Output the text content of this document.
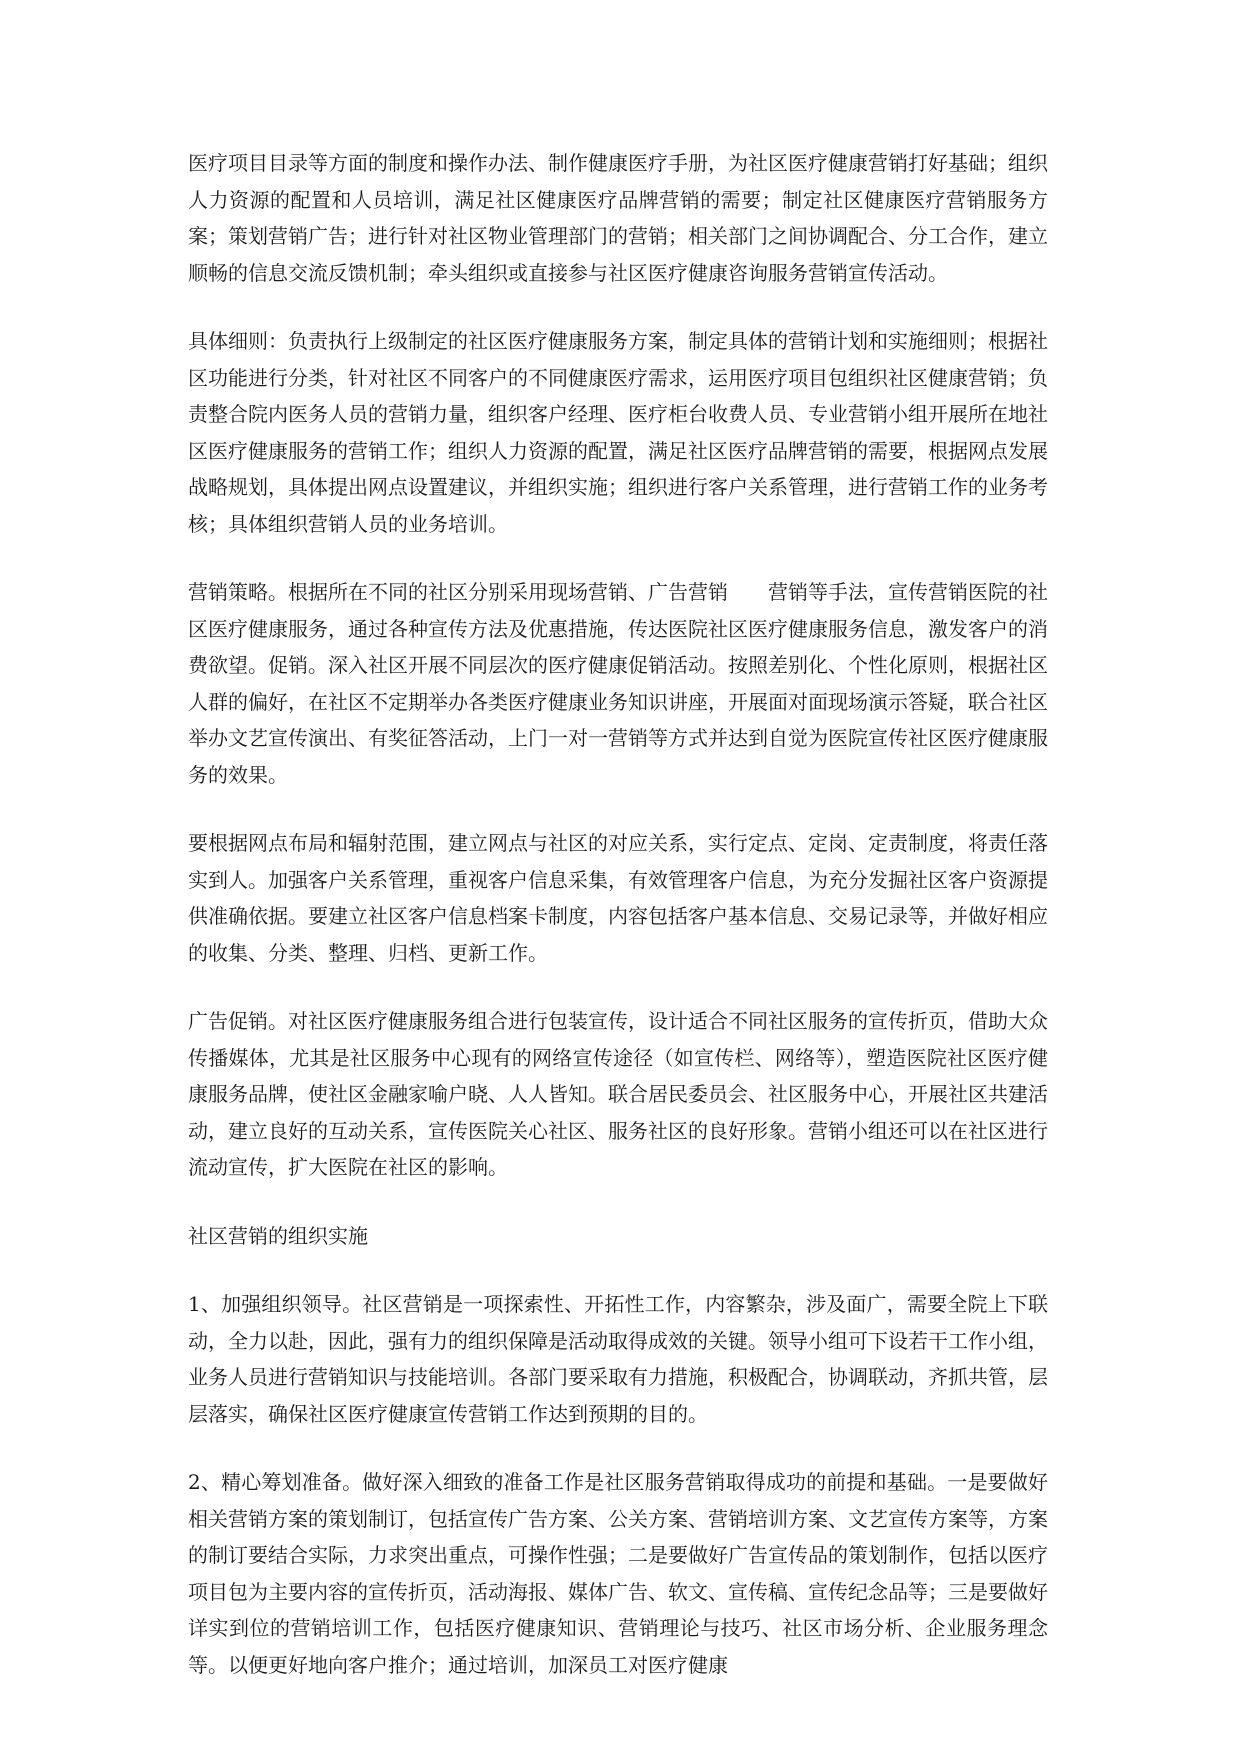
医疗项目目录等方面的制度和操作办法、制作健康医疗手册，为社区医疗健康营销打好基础；组织人力资源的配置和人员培训，满足社区健康医疗品牌营销的需要；制定社区健康医疗营销服务方案；策划营销广告；进行针对社区物业管理部门的营销；相关部门之间协调配合、分工合作，建立顺畅的信息交流反馈机制；牵头组织或直接参与社区医疗健康咨询服务营销宣传活动。

具体细则：负责执行上级制定的社区医疗健康服务方案，制定具体的营销计划和实施细则；根据社区功能进行分类，针对社区不同客户的不同健康医疗需求，运用医疗项目包组织社区健康营销；负责整合院内医务人员的营销力量，组织客户经理、医疗柜台收费人员、专业营销小组开展所在地社区医疗健康服务的营销工作；组织人力资源的配置，满足社区医疗品牌营销的需要，根据网点发展战略规划，具体提出网点设置建议，并组织实施；组织进行客户关系管理，进行营销工作的业务考核；具体组织营销人员的业务培训。

营销策略。根据所在不同的社区分别采用现场营销、广告营销　　营销等手法，宣传营销医院的社区医疗健康服务，通过各种宣传方法及优惠措施，传达医院社区医疗健康服务信息，激发客户的消费欲望。促销。深入社区开展不同层次的医疗健康促销活动。按照差别化、个性化原则，根据社区人群的偏好，在社区不定期举办各类医疗健康业务知识讲座，开展面对面现场演示答疑，联合社区举办文艺宣传演出、有奖征答活动，上门一对一营销等方式并达到自觉为医院宣传社区医疗健康服务的效果。

要根据网点布局和辐射范围，建立网点与社区的对应关系，实行定点、定岗、定责制度，将责任落实到人。加强客户关系管理，重视客户信息采集，有效管理客户信息，为充分发掘社区客户资源提供准确依据。要建立社区客户信息档案卡制度，内容包括客户基本信息、交易记录等，并做好相应的收集、分类、整理、归档、更新工作。

广告促销。对社区医疗健康服务组合进行包装宣传，设计适合不同社区服务的宣传折页，借助大众传播媒体，尤其是社区服务中心现有的网络宣传途径（如宣传栏、网络等），塑造医院社区医疗健康服务品牌，使社区金融家喻户晓、人人皆知。联合居民委员会、社区服务中心，开展社区共建活动，建立良好的互动关系，宣传医院关心社区、服务社区的良好形象。营销小组还可以在社区进行流动宣传，扩大医院在社区的影响。

社区营销的组织实施

1、加强组织领导。社区营销是一项探索性、开拓性工作，内容繁杂，涉及面广，需要全院上下联动，全力以赴，因此，强有力的组织保障是活动取得成效的关键。领导小组可下设若干工作小组，业务人员进行营销知识与技能培训。各部门要采取有力措施，积极配合，协调联动，齐抓共管，层层落实，确保社区医疗健康宣传营销工作达到预期的目的。

2、精心筹划准备。做好深入细致的准备工作是社区服务营销取得成功的前提和基础。一是要做好相关营销方案的策划制订，包括宣传广告方案、公关方案、营销培训方案、文艺宣传方案等，方案的制订要结合实际，力求突出重点，可操作性强；二是要做好广告宣传品的策划制作，包括以医疗项目包为主要内容的宣传折页，活动海报、媒体广告、软文、宣传稿、宣传纪念品等；三是要做好详实到位的营销培训工作，包括医疗健康知识、营销理论与技巧、社区市场分析、企业服务理念等。以便更好地向客户推介；通过培训，加深员工对医疗健康
